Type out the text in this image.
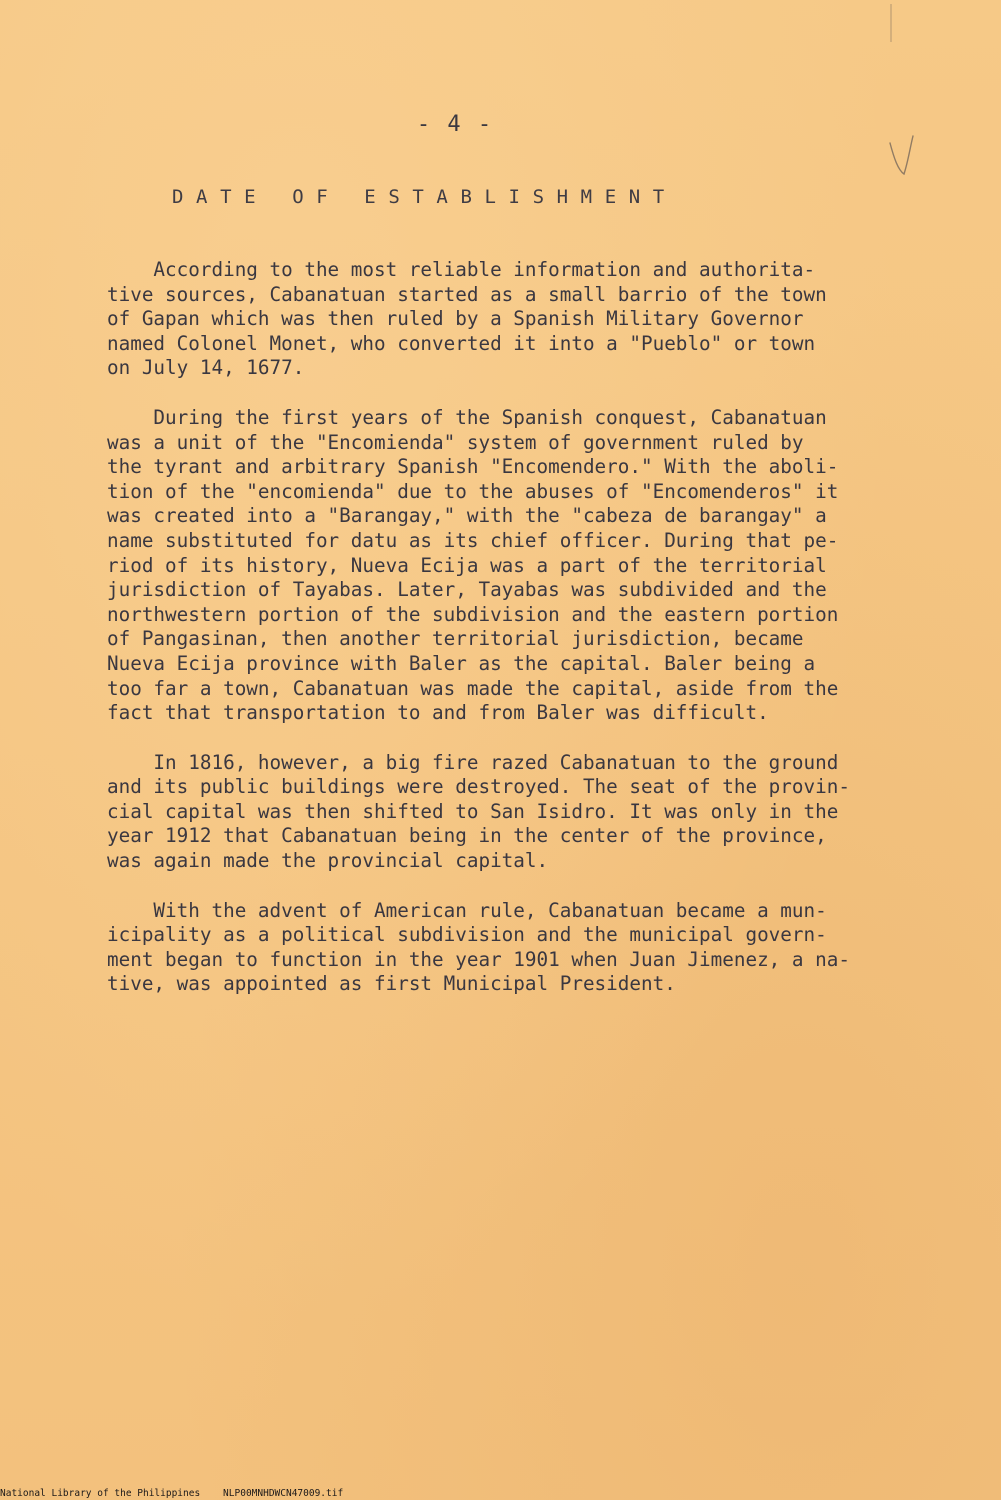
- 4 -
DATE OF ESTABLISHMENT

According to the most reliable information and authorita-
tive sources, Cabanatuan started as a small barrio of the town
of Gapan which was then ruled by a Spanish Military Governor
named Colonel Monet, who converted it into a "Pueblo" or town
on July 14, 1677.

During the first years of the Spanish conquest, Cabanatuan
was a unit of the "Encomienda" system of government ruled by
the tyrant and arbitrary Spanish "Encomendero." With the aboli-
tion of the "encomienda" due to the abuses of "Encomenderos" it
was created into a "Barangay," with the "cabeza de barangay" a
name substituted for datu as its chief officer. During that pe-
riod of its history, Nueva Ecija was a part of the territorial
jurisdiction of Tayabas. Later, Tayabas was subdivided and the
northwestern portion of the subdivision and the eastern portion
of Pangasinan, then another territorial jurisdiction, became
Nueva Ecija province with Baler as the capital. Baler being a
too far a town, Cabanatuan was made the capital, aside from the
fact that transportation to and from Baler was difficult.

In 1816, however, a big fire razed Cabanatuan to the ground
and its public buildings were destroyed. The seat of the provin-
cial capital was then shifted to San Isidro. It was only in the
year 1912 that Cabanatuan being in the center of the province,
was again made the provincial capital.

With the advent of American rule, Cabanatuan became a mun-
icipality as a political subdivision and the municipal govern-
ment began to function in the year 1901 when Juan Jimenez, a na-
tive, was appointed as first Municipal President.

National Library of the Philippines    NLP00MNHDWCN47009.tif
